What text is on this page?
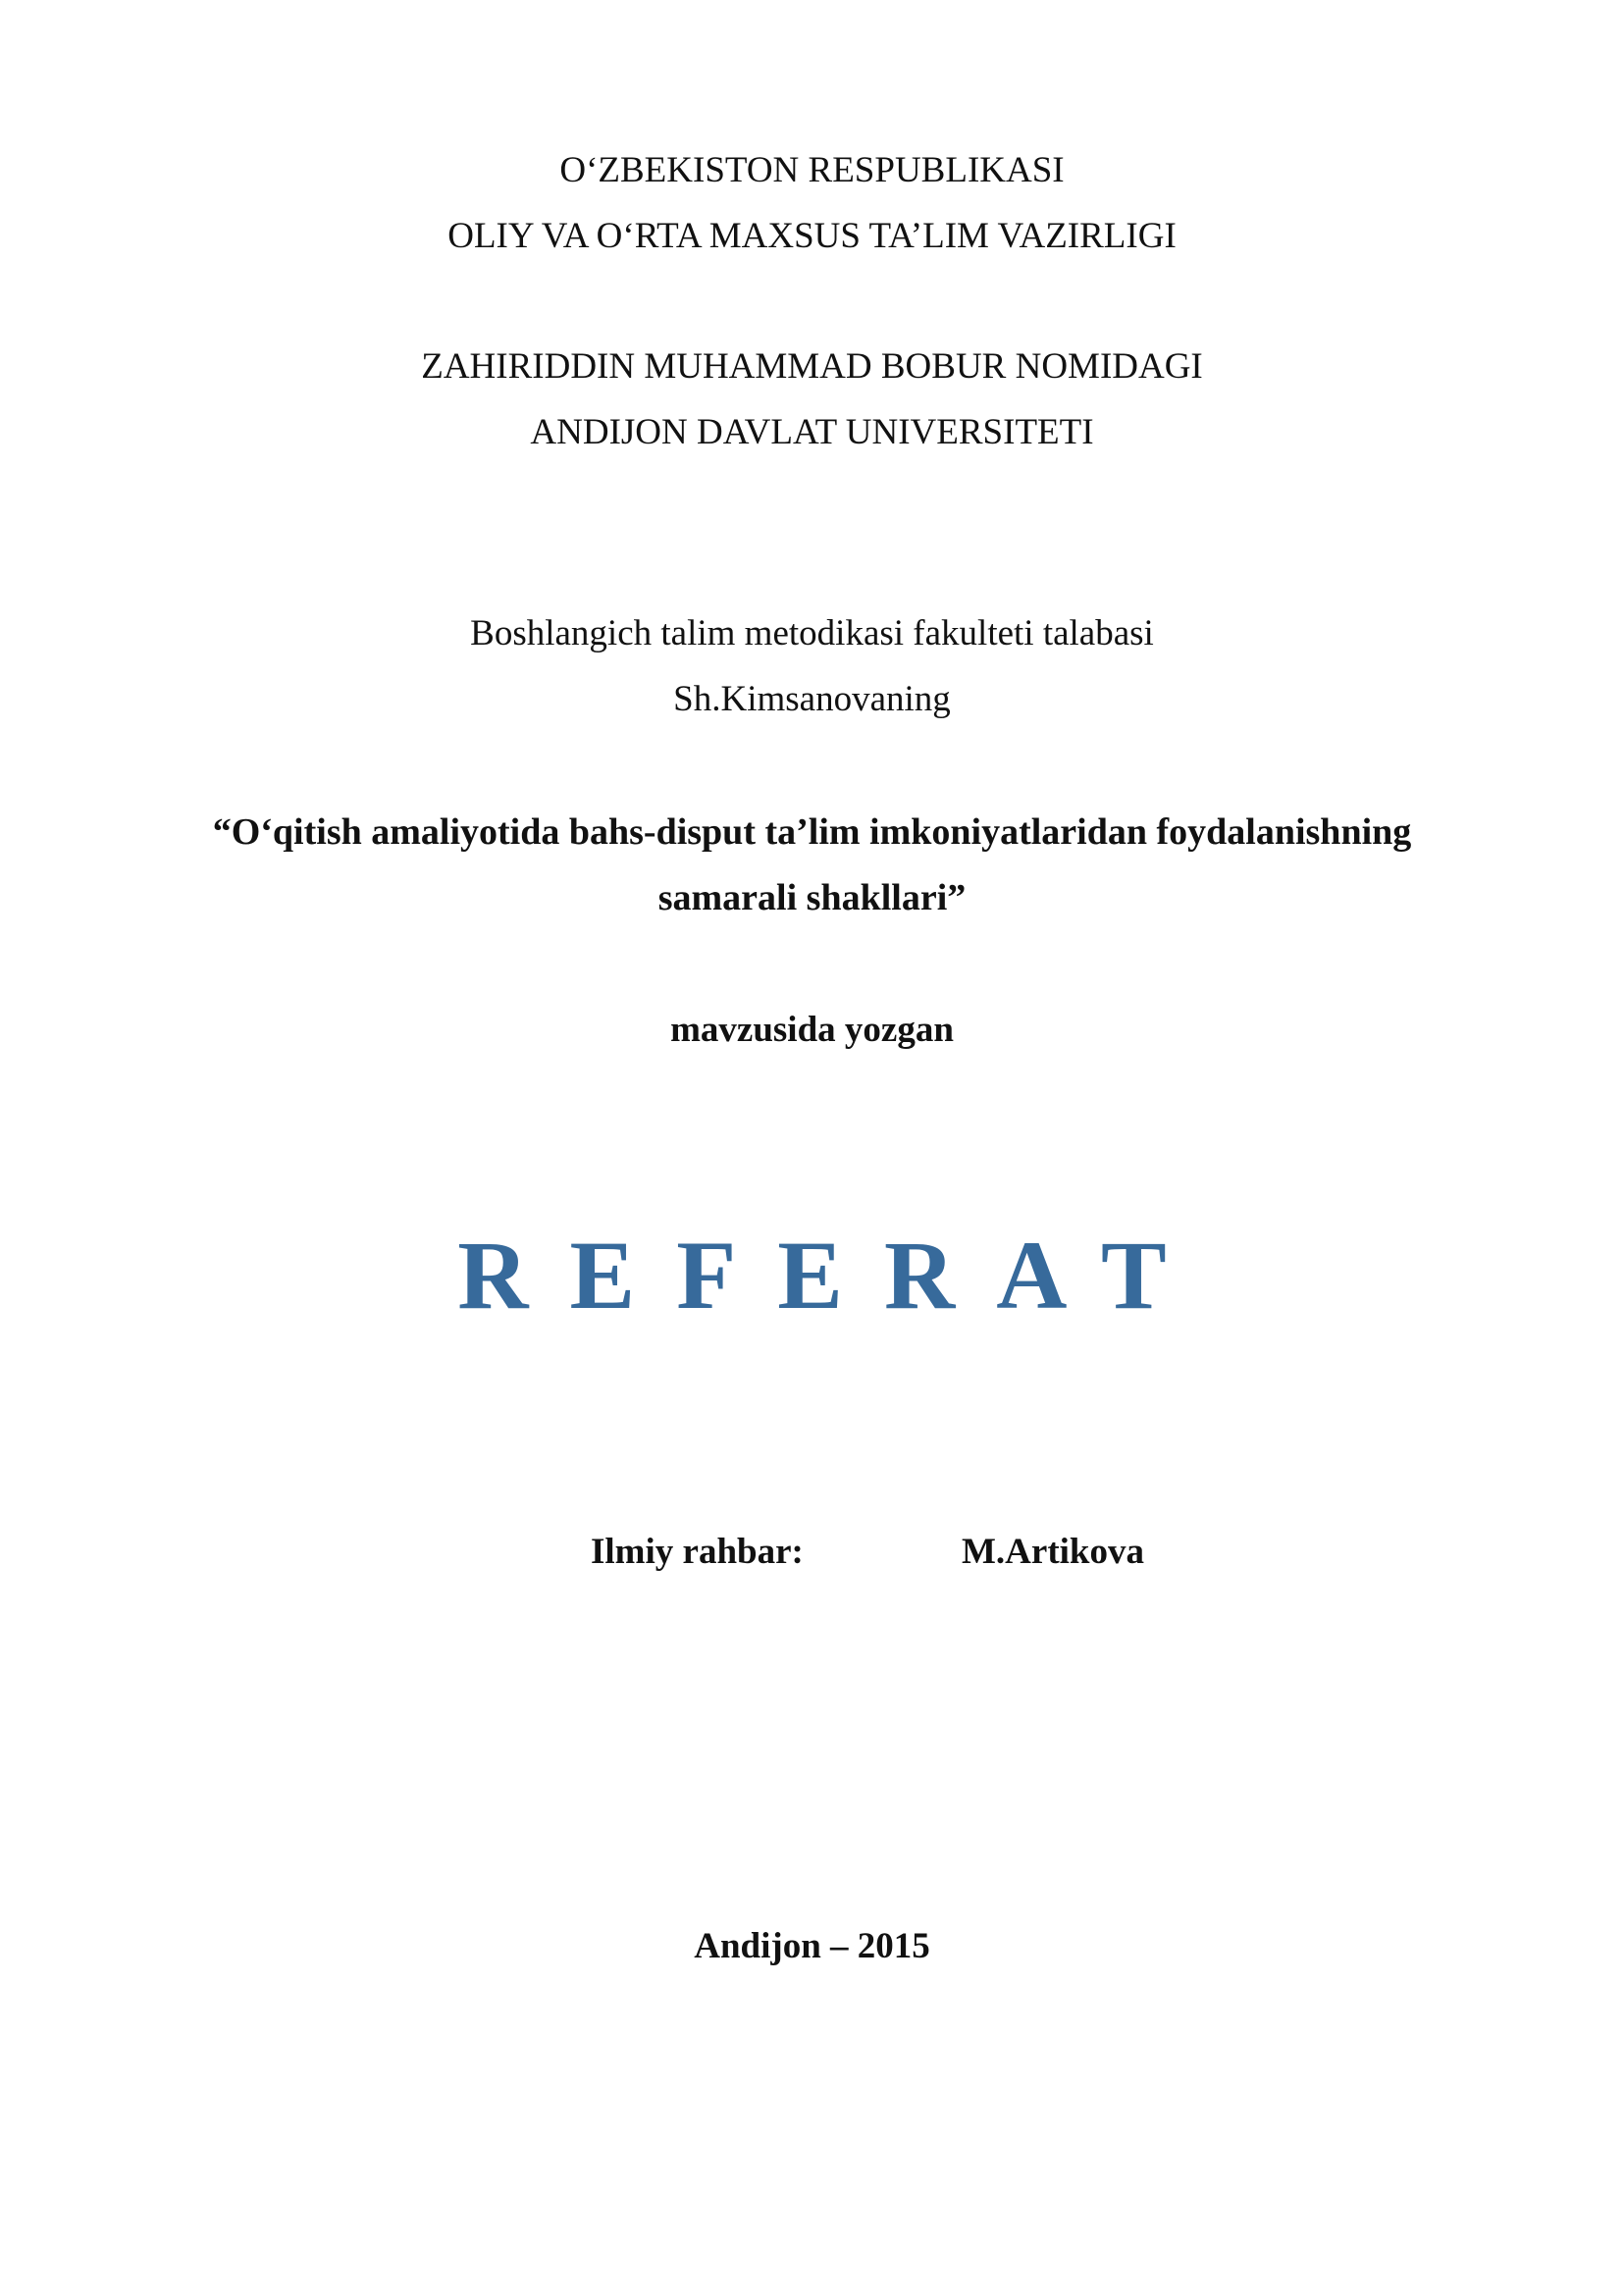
O‘ZBEKISTON RESPUBLIKASI
OLIY VA O‘RTA MAXSUS TA’LIM VAZIRLIGI
ZAHIRIDDIN MUHAMMAD BOBUR NOMIDAGI
ANDIJON DAVLAT UNIVERSITETI
Boshlangich talim metodikasi fakulteti talabasi
Sh.Kimsanovaning
“O‘qitish amaliyotida bahs-disput ta’lim imkoniyatlaridan foydalanishning
samarali shakllari”
mavzusida yozgan
REFERAT
Ilmiy rahbar:	M.Artikova
Andijon – 2015
